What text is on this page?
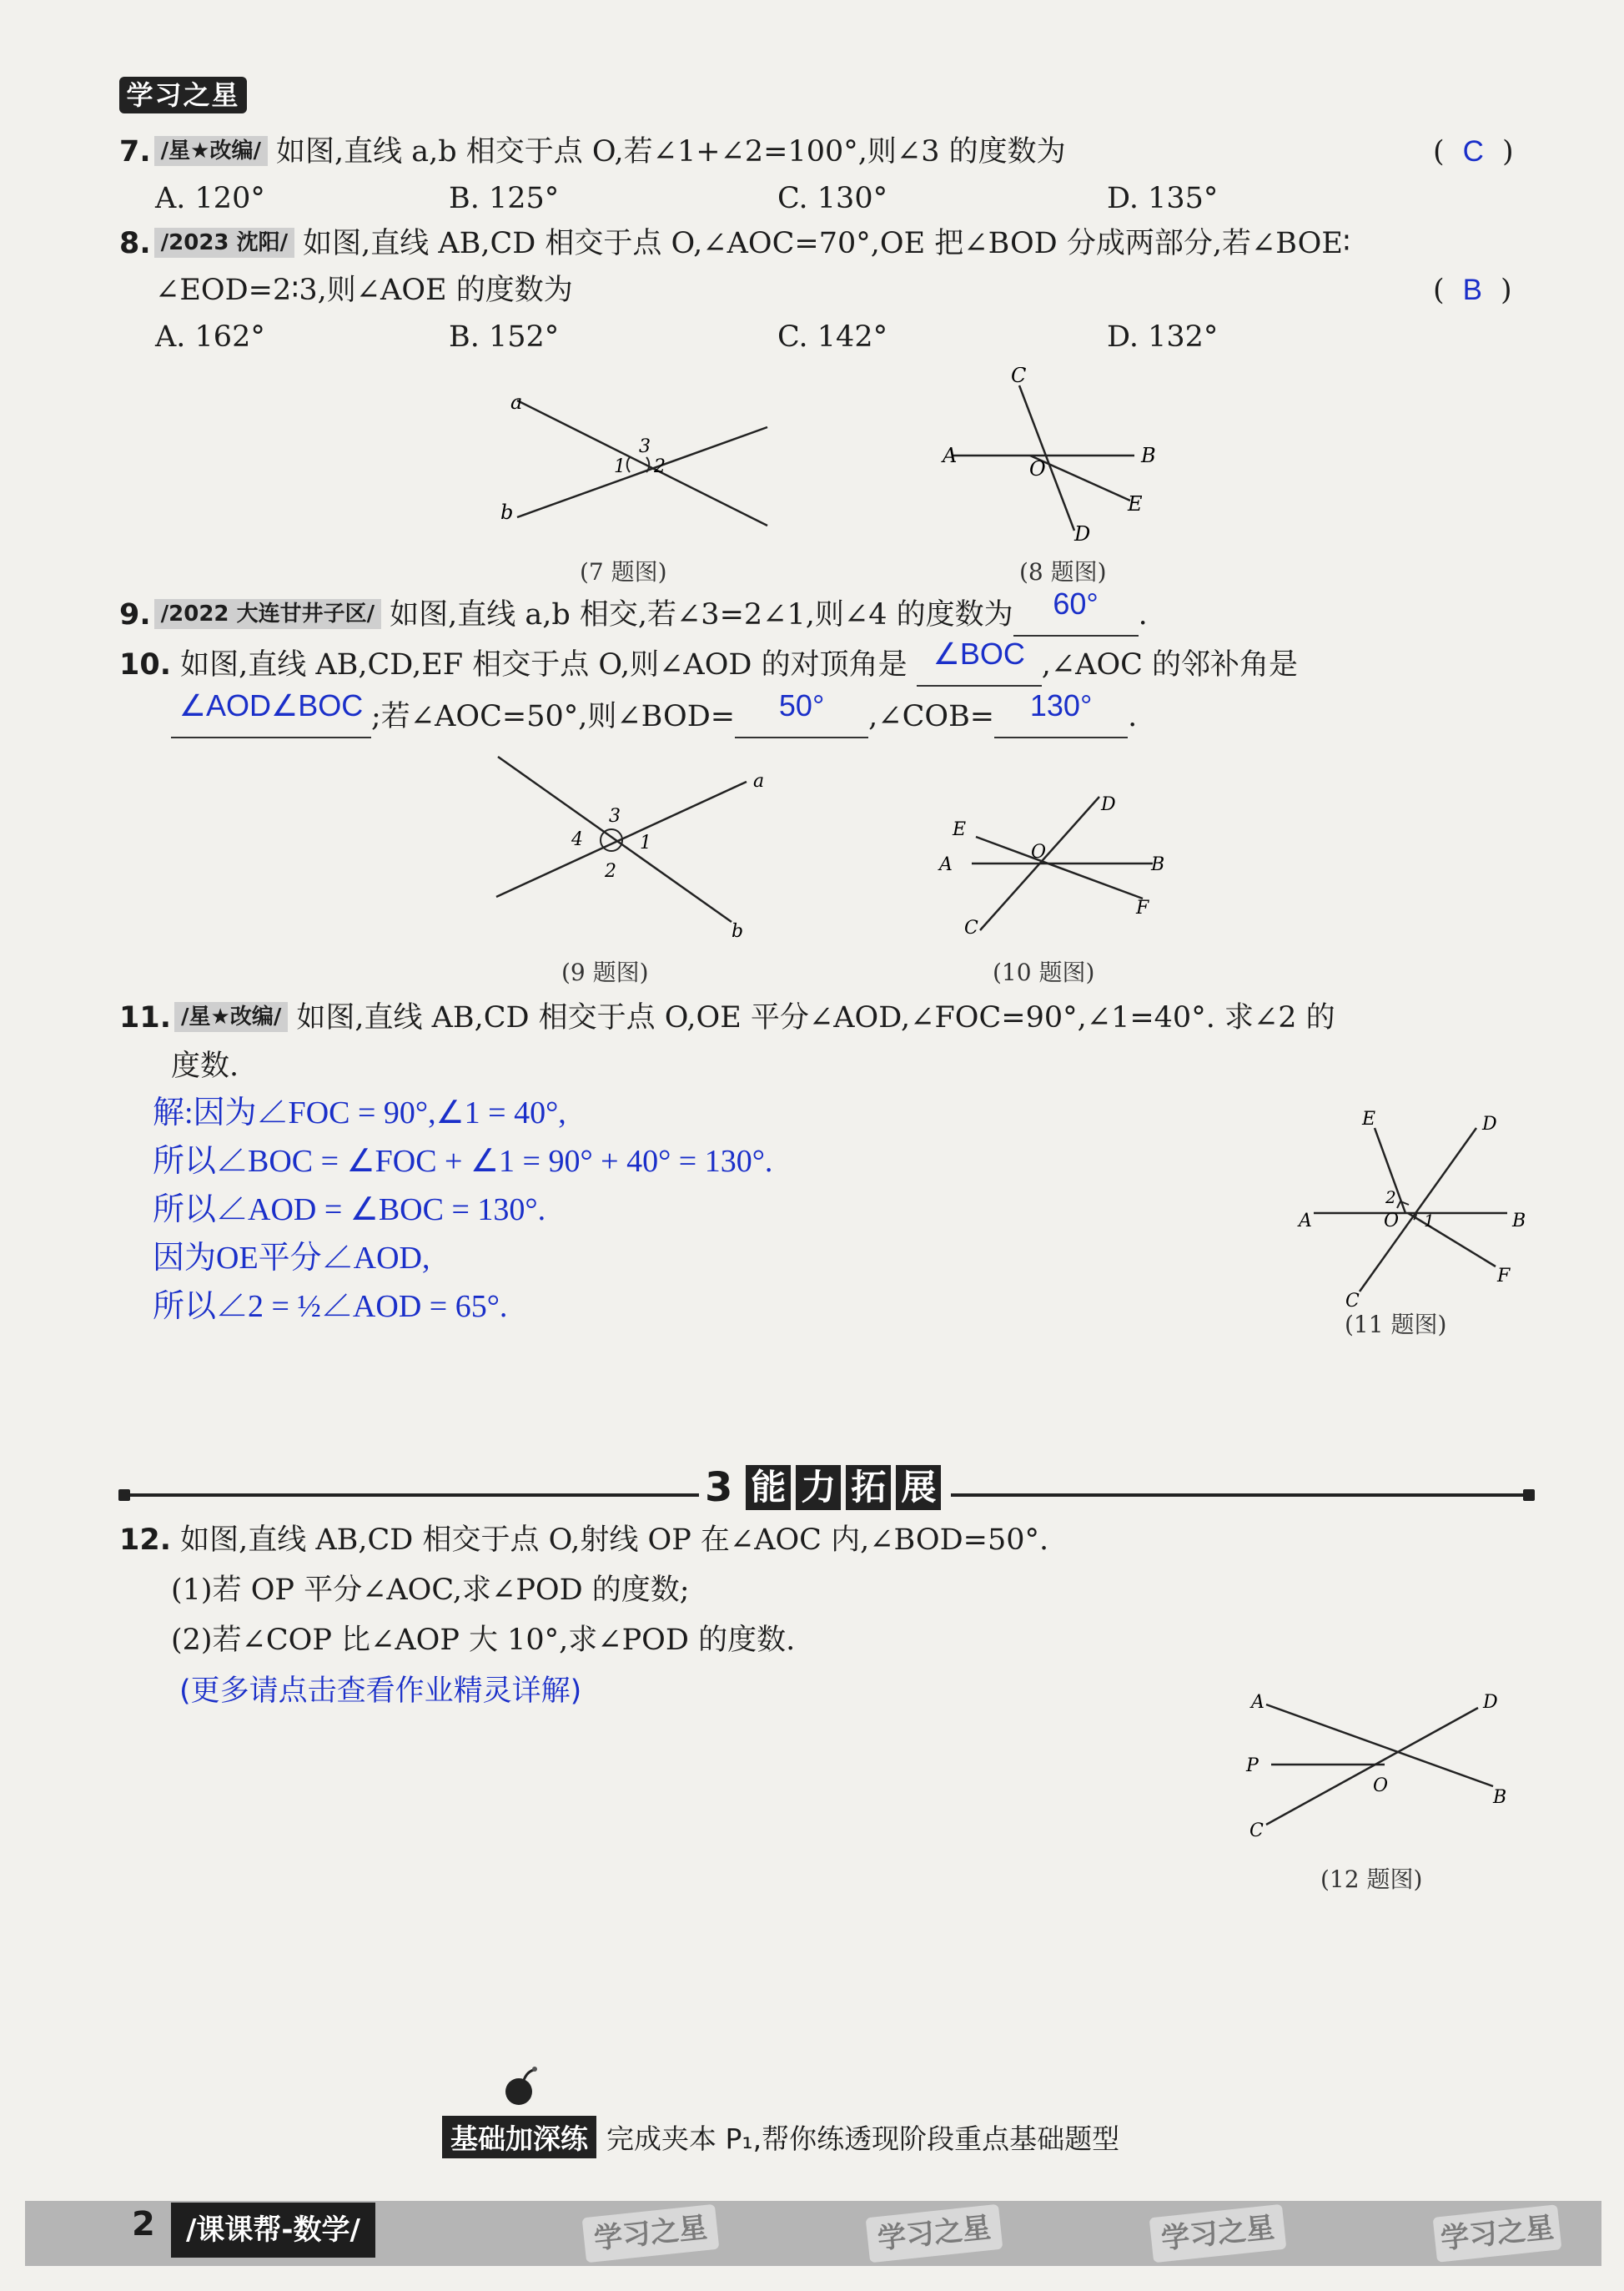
学习之星
7. /星★改编/ 如图,直线 a,b 相交于点 O,若∠1+∠2=100°,则∠3 的度数为	( C )
A. 120°	B. 125°	C. 130°	D. 135°
8. /2023 沈阳/ 如图,直线 AB,CD 相交于点 O,∠AOC=70°,OE 把∠BOD 分成两部分,若∠BOE∶
∠EOD=2∶3,则∠AOE 的度数为	( B )
A. 162°	B. 152°	C. 142°	D. 132°
a
b
1 2
3
(7 题图)
C
A
O
B
E
D
(8 题图)
9. /2022 大连甘井子区/ 如图,直线 a,b 相交,若∠3=2∠1,则∠4 的度数为 60° .
10. 如图,直线 AB,CD,EF 相交于点 O,则∠AOD 的对顶角是 ∠BOC ,∠AOC 的邻补角是
∠AOD∠BOC ;若∠AOC=50°,则∠BOD= 50° ,∠COB= 130° .
a
b
1
2
3
4
(9 题图)
D
E
O
A	B
F
C
(10 题图)
11. /星★改编/ 如图,直线 AB,CD 相交于点 O,OE 平分∠AOD,∠FOC=90°,∠1=40°. 求∠2 的
度数.
解:因为∠FOC = 90°,∠1 = 40°,
所以∠BOC = ∠FOC + ∠1 = 90° + 40° = 130°.
所以∠AOD = ∠BOC = 130°.
因为OE平分∠AOD,
所以∠2 = ½∠AOD = 65°.
E	D
2
A	O 1	B
C
F
(11 题图)
3 能 力 拓 展
12. 如图,直线 AB,CD 相交于点 O,射线 OP 在∠AOC 内,∠BOD=50°.
(1)若 OP 平分∠AOC,求∠POD 的度数;
(2)若∠COP 比∠AOP 大 10°,求∠POD 的度数.
(更多请点击查看作业精灵详解)	A	D
P
O
B
C
(12 题图)
基础加深练 完成夹本 P₁,帮你练透现阶段重点基础题型
2	/课课帮-数学/	学习之星	学习之星	学习之星	学习之星
